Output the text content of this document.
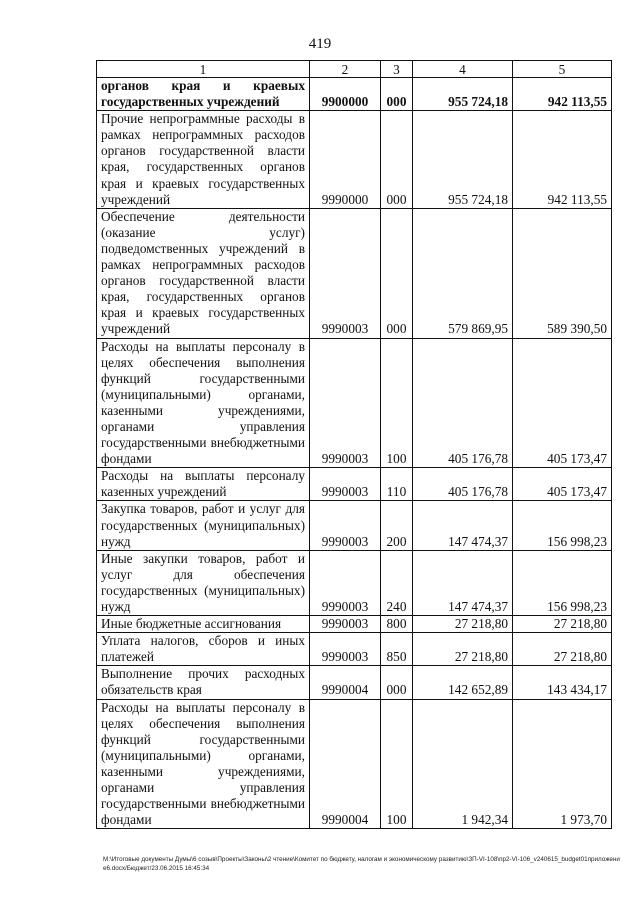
419
1	2	3	4	5
органов края и краевых государственных учреждений	9900000	000	955 724,18	942 113,55
Прочие непрограммные расходы в рамках непрограммных расходов органов государственной власти края, государственных органов края и краевых государственных учреждений	9990000	000	955 724,18	942 113,55
Обеспечение деятельности (оказание услуг) подведомственных учреждений в рамках непрограммных расходов органов государственной власти края, государственных органов края и краевых государственных учреждений	9990003	000	579 869,95	589 390,50
Расходы на выплаты персоналу в целях обеспечения выполнения функций государственными (муниципальными) органами, казенными учреждениями, органами управления государственными внебюджетными фондами	9990003	100	405 176,78	405 173,47
Расходы на выплаты персоналу казенных учреждений	9990003	110	405 176,78	405 173,47
Закупка товаров, работ и услуг для государственных (муниципальных) нужд	9990003	200	147 474,37	156 998,23
Иные закупки товаров, работ и услуг для обеспечения государственных (муниципальных) нужд	9990003	240	147 474,37	156 998,23
Иные бюджетные ассигнования	9990003	800	27 218,80	27 218,80
Уплата налогов, сборов и иных платежей	9990003	850	27 218,80	27 218,80
Выполнение прочих расходных обязательств края	9990004	000	142 652,89	143 434,17
Расходы на выплаты персоналу в целях обеспечения выполнения функций государственными (муниципальными) органами, казенными учреждениями, органами управления государственными внебюджетными фондами	9990004	100	1 942,34	1 973,70
M:\Итоговые документы Думы\6 созыв\Проекты\Законы\2 чтение\Комитет по бюджету, налогам и экономическому развитию\ЗП-VI-108\пр2-VI-106_v240615_budget01приложение6.docx/Бюджет/23.06.2015 16:45:34
